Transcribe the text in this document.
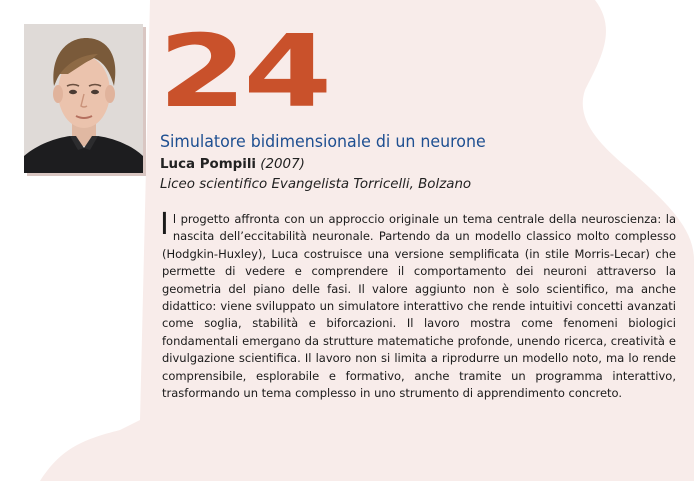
24
Simulatore bidimensionale di un neurone
Luca Pompili (2007)
Liceo scientifico Evangelista Torricelli, Bolzano
Il progetto affronta con un approccio originale un tema centrale della neuroscienza: la nascita dell’eccitabilità neuronale. Partendo da un modello classico molto complesso (Hodgkin-Huxley), Luca costruisce una versione semplificata (in stile Morris-Lecar) che permette di vedere e comprendere il comportamento dei neuroni attraverso la geometria del piano delle fasi. Il valore aggiunto non è solo scientifico, ma anche didattico: viene sviluppato un simulatore interattivo che rende intuitivi concetti avanzati come soglia, stabilità e biforcazioni. Il lavoro mostra come fenomeni biologici fondamentali emergano da strutture matematiche profonde, unendo ricerca, creatività e divulgazione scientifica. Il lavoro non si limita a riprodurre un modello noto, ma lo rende comprensibile, esplorabile e formativo, anche tramite un programma interattivo, trasformando un tema complesso in uno strumento di apprendimento concreto.
